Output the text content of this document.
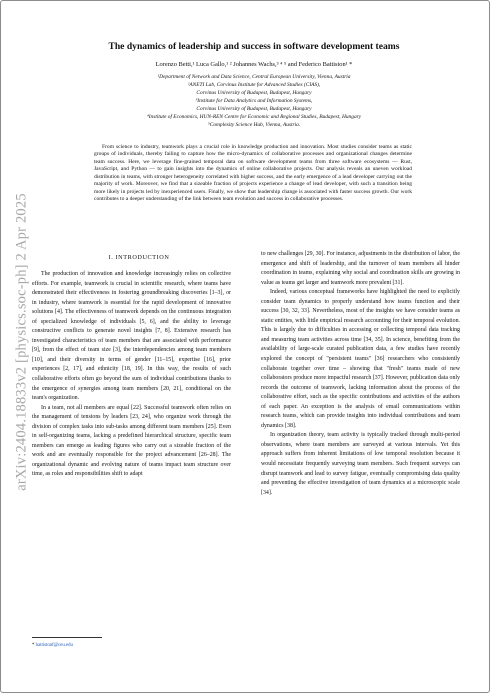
arXiv:2404.18833v2 [physics.soc-ph] 2 Apr 2025
The dynamics of leadership and success in software development teams
Lorenzo Betti,¹ Luca Gallo,¹ ² Johannes Wachs,³ ⁴ ⁵ and Federico Battiston¹ *
¹Department of Network and Data Science, Central European University, Vienna, Austria
²ANETI Lab, Corvinus Institute for Advanced Studies (CIAS),
Corvinus University of Budapest, Budapest, Hungary
³Institute for Data Analytics and Information Systems,
Corvinus University of Budapest, Budapest, Hungary
⁴Institute of Economics, HUN-REN Centre for Economic and Regional Studies, Budapest, Hungary
⁵Complexity Science Hub, Vienna, Austria.

From science to industry, teamwork plays a crucial role in knowledge production and innovation. Most studies consider teams as static groups of individuals, thereby failing to capture how the micro-dynamics of collaborative processes and organizational changes determine team success. Here, we leverage fine-grained temporal data on software development teams from three software ecosystems — Rust, JavaScript, and Python — to gain insights into the dynamics of online collaborative projects. Our analysis reveals an uneven workload distribution in teams, with stronger heterogeneity correlated with higher success, and the early emergence of a lead developer carrying out the majority of work. Moreover, we find that a sizeable fraction of projects experience a change of lead developer, with such a transition being more likely in projects led by inexperienced users. Finally, we show that leadership change is associated with faster success growth. Our work contributes to a deeper understanding of the link between team evolution and success in collaborative processes.

I. INTRODUCTION

The production of innovation and knowledge increasingly relies on collective efforts. For example, teamwork is crucial in scientific research, where teams have demonstrated their effectiveness in fostering groundbreaking discoveries [1–3], or in industry, where teamwork is essential for the rapid development of innovative solutions [4]. The effectiveness of teamwork depends on the continuous integration of specialized knowledge of individuals [5, 6], and the ability to leverage constructive conflicts to generate novel insights [7, 8]. Extensive research has investigated characteristics of team members that are associated with performance [9], from the effect of team size [3], the interdependencies among team members [10], and their diversity in terms of gender [11–15], expertise [16], prior experiences [2, 17], and ethnicity [18, 19]. In this way, the results of such collaborative efforts often go beyond the sum of individual contributions thanks to the emergence of synergies among team members [20, 21], conditional on the team's organization.

In a team, not all members are equal [22]. Successful teamwork often relies on the management of tensions by leaders [23, 24], who organize work through the division of complex tasks into sub-tasks among different team members [25]. Even in self-organizing teams, lacking a predefined hierarchical structure, specific team members can emerge as leading figures who carry out a sizeable fraction of the work and are eventually responsible for the project advancement [26–28]. The organizational dynamic and evolving nature of teams impact team structure over time, as roles and responsibilities shift to adapt

to new challenges [29, 30]. For instance, adjustments in the distribution of labor, the emergence and shift of leadership, and the turnover of team members all hinder coordination in teams, explaining why social and coordination skills are growing in value as teams get larger and teamwork more prevalent [31].

Indeed, various conceptual frameworks have highlighted the need to explicitly consider team dynamics to properly understand how teams function and their success [30, 32, 33]. Nevertheless, most of the insights we have consider teams as static entities, with little empirical research accounting for their temporal evolution. This is largely due to difficulties in accessing or collecting temporal data tracking and measuring team activities across time [34, 35]. In science, benefiting from the availability of large-scale curated publication data, a few studies have recently explored the concept of "persistent teams" [36] researchers who consistently collaborate together over time – showing that "fresh" teams made of new collaborators produce more impactful research [37]. However, publication data only records the outcome of teamwork, lacking information about the process of the collaborative effort, such as the specific contributions and activities of the authors of each paper. An exception is the analysis of email communications within research teams, which can provide insights into individual contributions and team dynamics [38].

In organization theory, team activity is typically tracked through multi-period observations, where team members are surveyed at various intervals. Yet this approach suffers from inherent limitations of low temporal resolution because it would necessitate frequently surveying team members. Such frequent surveys can disrupt teamwork and lead to survey fatigue, eventually compromising data quality and preventing the effective investigation of team dynamics at a microscopic scale [34].

* battistonf@ceu.edu
